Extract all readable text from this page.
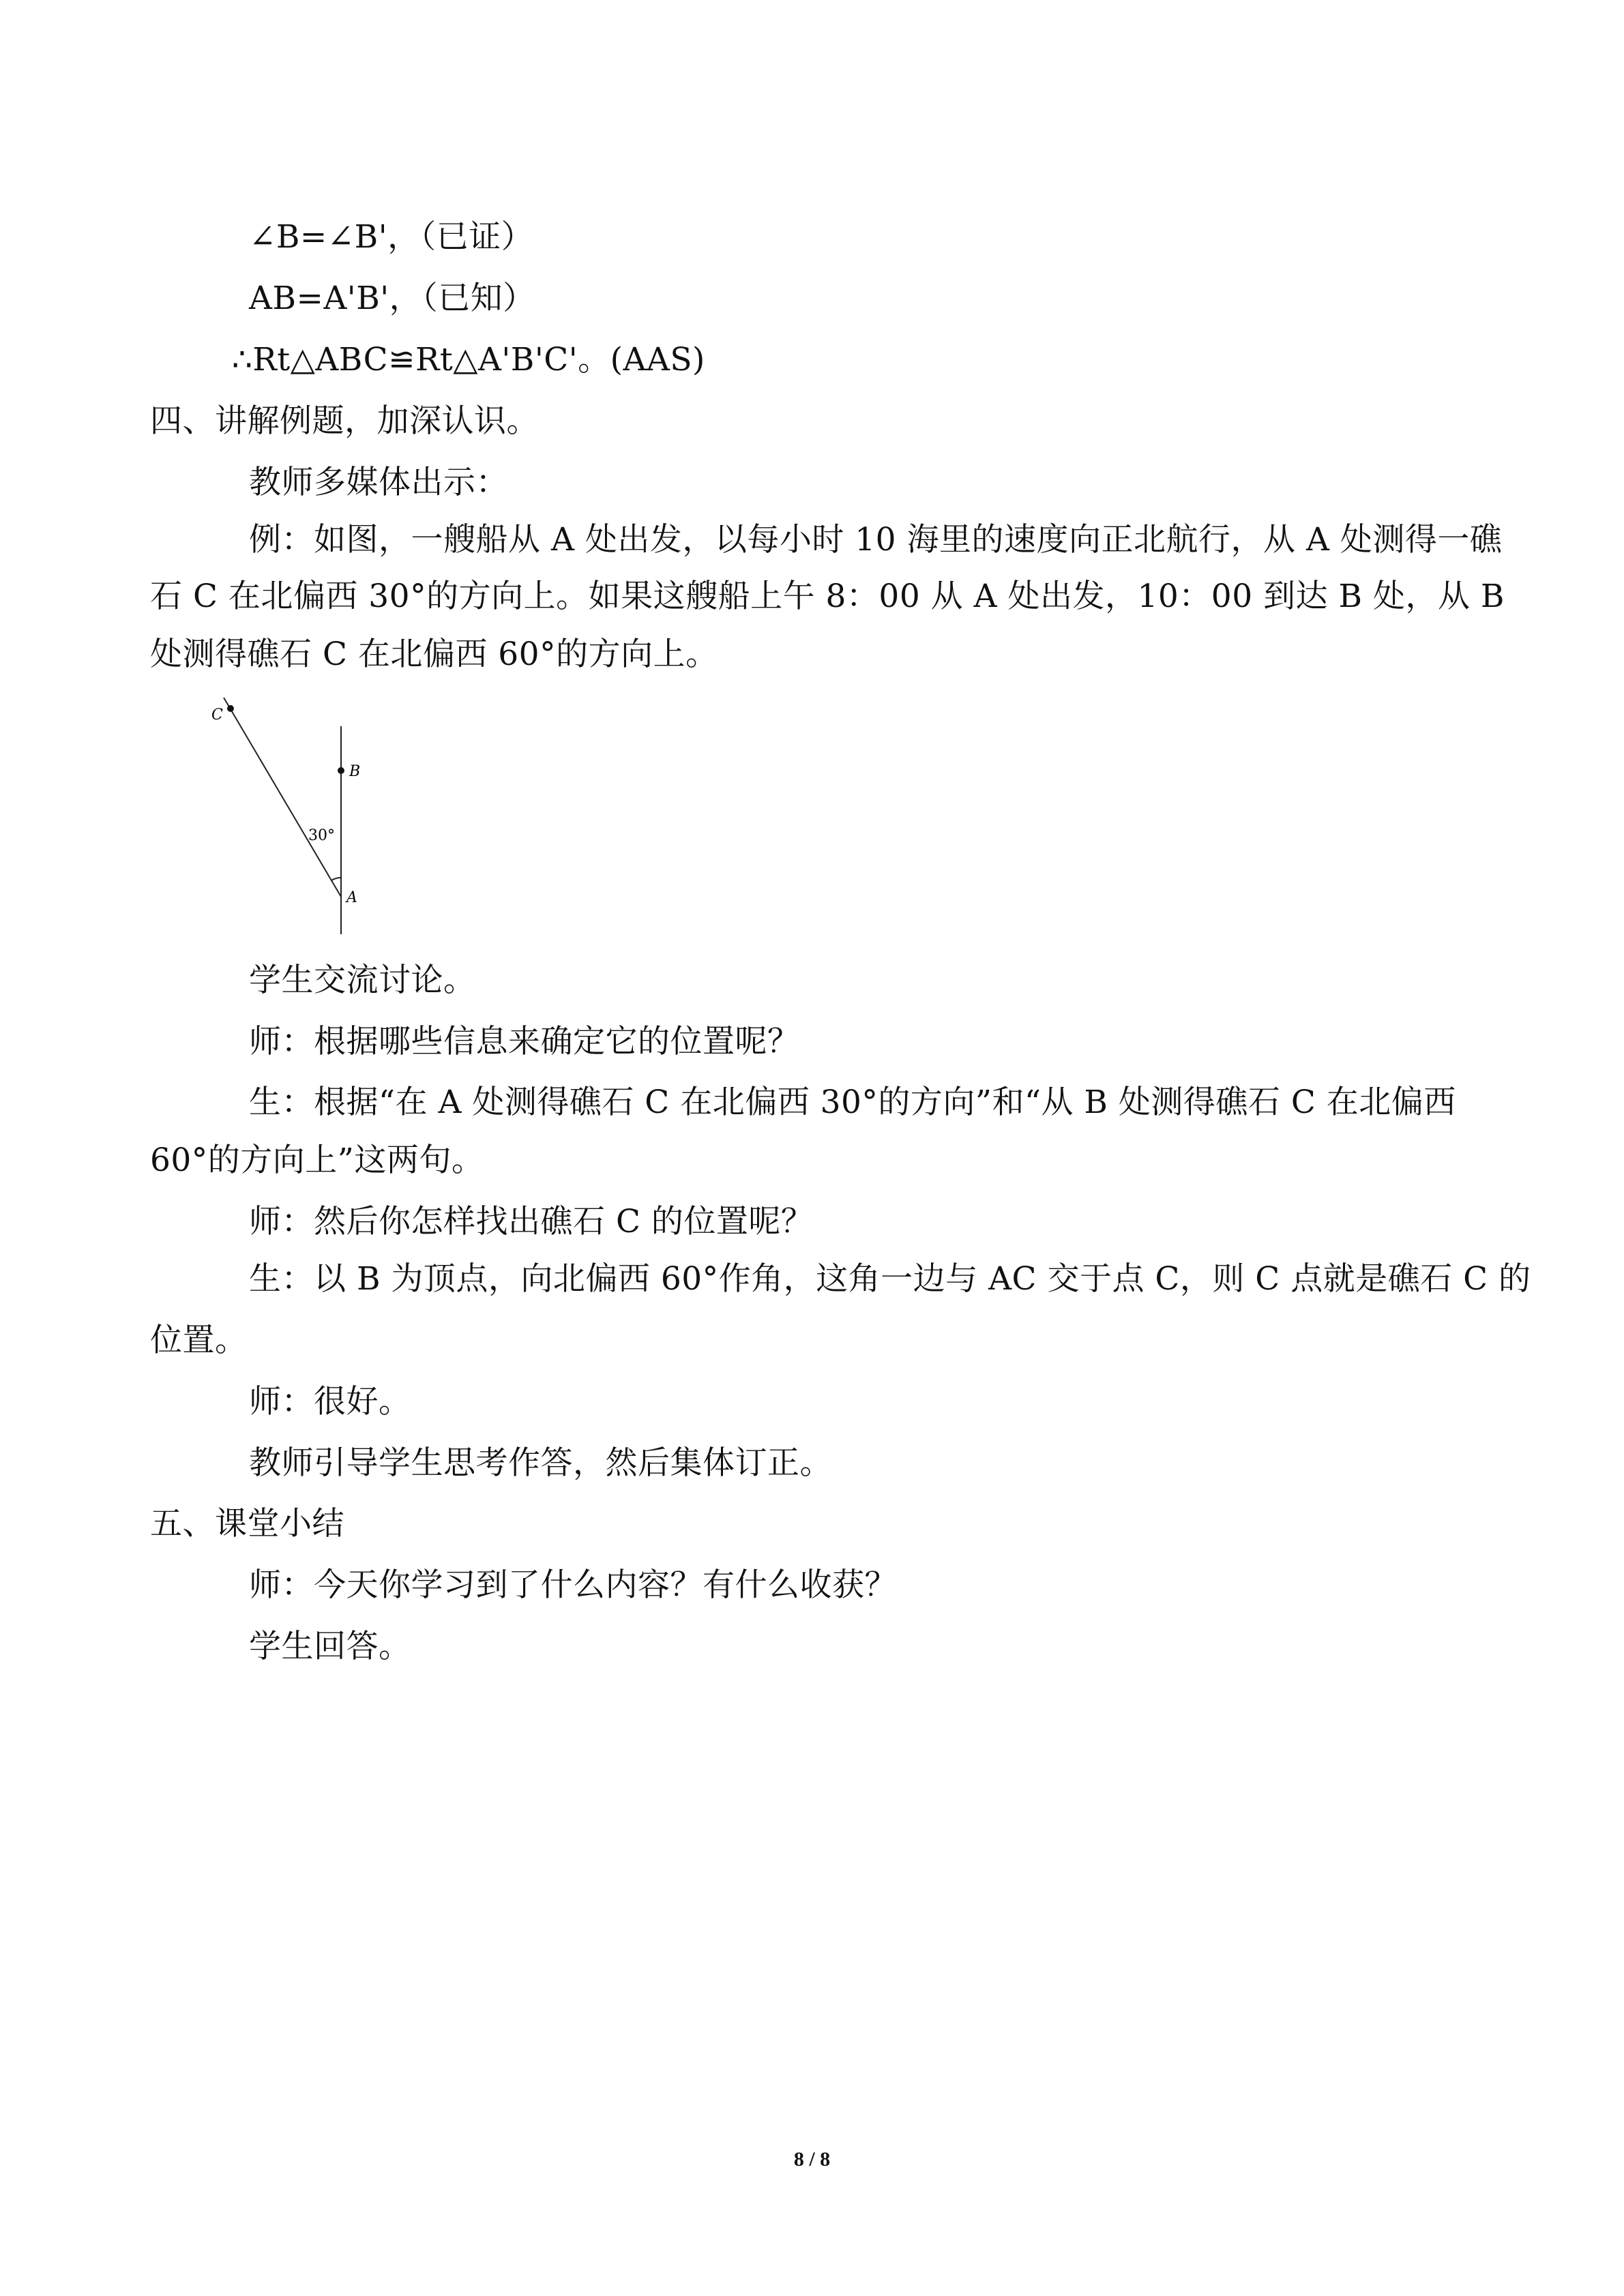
∠B=∠B'，（已证）
AB=A'B'，（已知）
∴Rt△ABC≌Rt△A'B'C'。(AAS)
四、讲解例题，加深认识。
教师多媒体出示：
例：如图，一艘船从 A 处出发，以每小时 10 海里的速度向正北航行，从 A 处测得一礁
石 C 在北偏西 30°的方向上。如果这艘船上午 8：00 从 A 处出发，10：00 到达 B 处，从 B
处测得礁石 C 在北偏西 60°的方向上。
C
B
A
30°
学生交流讨论。
师：根据哪些信息来确定它的位置呢？
生：根据“在 A 处测得礁石 C 在北偏西 30°的方向”和“从 B 处测得礁石 C 在北偏西
60°的方向上”这两句。
师：然后你怎样找出礁石 C 的位置呢？
生：以 B 为顶点，向北偏西 60°作角，这角一边与 AC 交于点 C，则 C 点就是礁石 C 的
位置。
师：很好。
教师引导学生思考作答，然后集体订正。
五、课堂小结
师：今天你学习到了什么内容？有什么收获？
学生回答。
8 / 8
